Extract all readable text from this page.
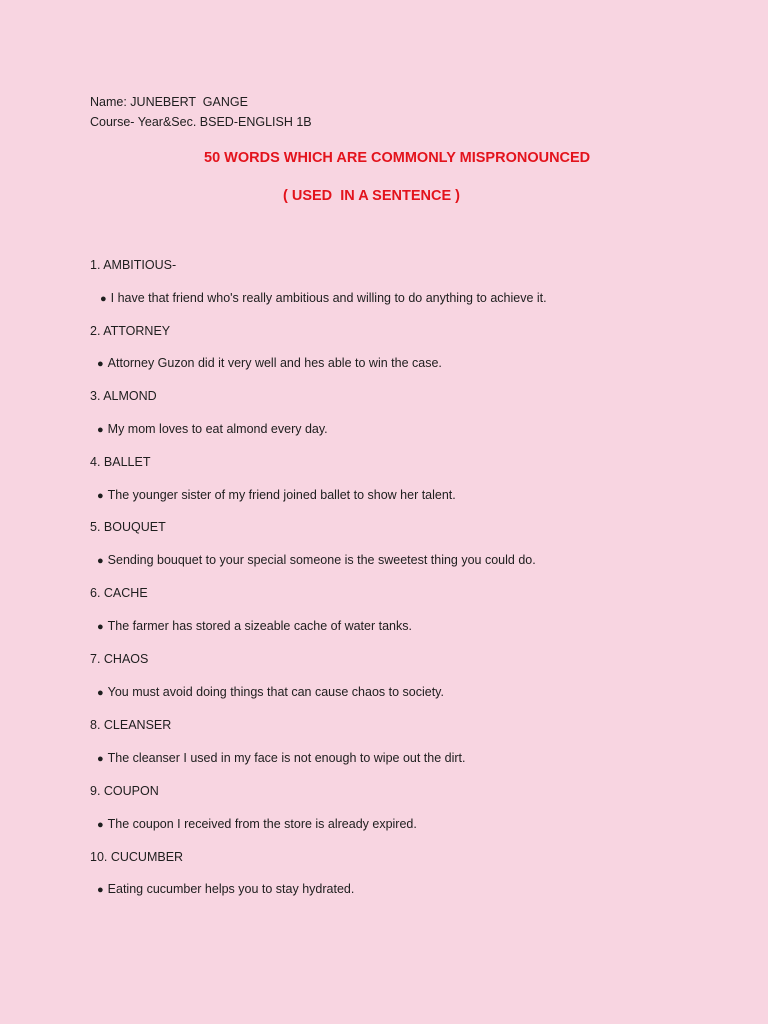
Name: JUNEBERT  GANGE
Course- Year&Sec. BSED-ENGLISH 1B
50 WORDS WHICH ARE COMMONLY MISPRONOUNCED
( USED  IN A SENTENCE )
1. AMBITIOUS-
● I have that friend who's really ambitious and willing to do anything to achieve it.
2. ATTORNEY
● Attorney Guzon did it very well and hes able to win the case.
3. ALMOND
● My mom loves to eat almond every day.
4. BALLET
● The younger sister of my friend joined ballet to show her talent.
5. BOUQUET
● Sending bouquet to your special someone is the sweetest thing you could do.
6. CACHE
● The farmer has stored a sizeable cache of water tanks.
7. CHAOS
● You must avoid doing things that can cause chaos to society.
8. CLEANSER
● The cleanser I used in my face is not enough to wipe out the dirt.
9. COUPON
● The coupon I received from the store is already expired.
10. CUCUMBER
● Eating cucumber helps you to stay hydrated.
